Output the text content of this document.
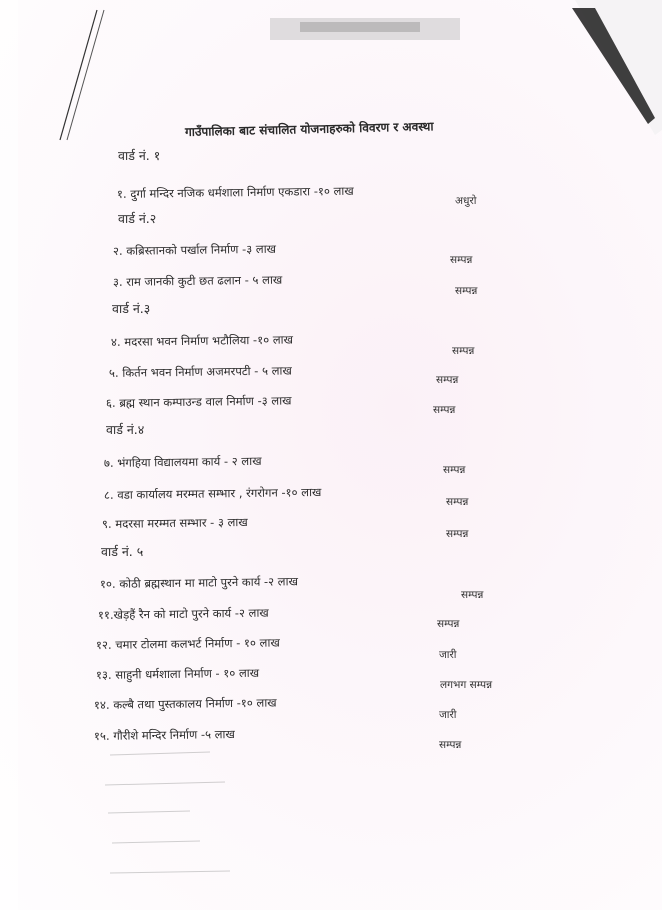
गाउँपालिका बाट संचालित योजनाहरुको विवरण र अवस्था
वार्ड नं. १
१. दुर्गा मन्दिर नजिक धर्मशाला निर्माण एकडारा -१० लाख
अधुरो
वार्ड नं.२
२. कब्रिस्तानको पर्खाल निर्माण -३ लाख
सम्पन्न
३. राम जानकी कुटी छत ढलान - ५ लाख
सम्पन्न
वार्ड नं.३
४. मदरसा भवन निर्माण भटौलिया -१० लाख
सम्पन्न
५. किर्तन भवन निर्माण अजमरपटी - ५ लाख
सम्पन्न
६. ब्रह्म स्थान कम्पाउन्ड वाल निर्माण -३ लाख
सम्पन्न
वार्ड नं.४
७. भंगहिया विद्यालयमा कार्य - २ लाख
सम्पन्न
८. वडा कार्यालय मरम्मत सम्भार , रंगरोगन -१० लाख
सम्पन्न
९. मदरसा मरम्मत सम्भार - ३ लाख
सम्पन्न
वार्ड नं. ५
१०. कोठी ब्रह्मस्थान मा माटो पुरने कार्य -२ लाख
सम्पन्न
११.खेड़हैं रैन को माटो पुरने कार्य -२ लाख
सम्पन्न
१२. चमार टोलमा कलभर्ट निर्माण - १० लाख
जारी
१३. साहुनी धर्मशाला निर्माण - १० लाख
लगभग सम्पन्न
१४. कल्बै तथा पुस्तकालय निर्माण -१० लाख
जारी
१५. गौरीशे मन्दिर निर्माण -५ लाख
सम्पन्न
